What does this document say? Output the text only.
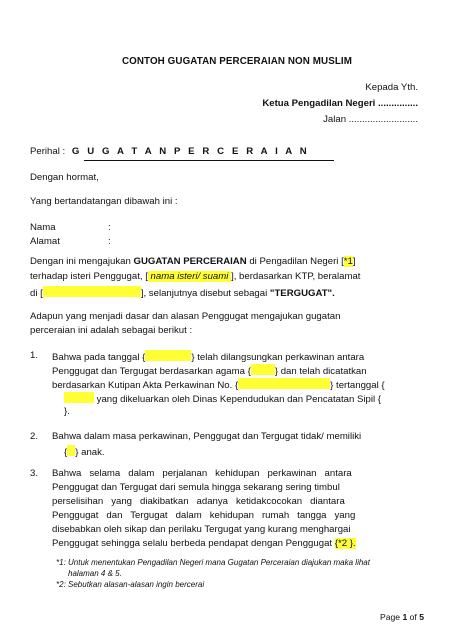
CONTOH GUGATAN PERCERAIAN NON MUSLIM
Kepada Yth.
Ketua Pengadilan Negeri ...............
Jalan ..........................
Perihal : G U G A T A N P E R C E R A I A N
Dengan hormat,
Yang bertandatangan dibawah ini :
Nama	:
Alamat	:
Dengan ini mengajukan GUGATAN PERCERAIAN di Pengadilan Negeri [*1]
terhadap isteri Penggugat, [ nama isteri/ suami ], berdasarkan KTP, beralamat
di [	], selanjutnya disebut sebagai "TERGUGAT".
Adapun yang menjadi dasar dan alasan Penggugat mengajukan gugatan
perceraian ini adalah sebagai berikut :
1. Bahwa pada tanggal {	} telah dilangsungkan perkawinan antara
Penggugat dan Tergugat berdasarkan agama {	} dan telah dicatatkan
berdasarkan Kutipan Akta Perkawinan No. {	} tertanggal {
yang dikeluarkan oleh Dinas Kependudukan dan Pencatatan Sipil {
}.
2. Bahwa dalam masa perkawinan, Penggugat dan Tergugat tidak/ memiliki
{ } anak.
3. Bahwa   selama   dalam   perjalanan   kehidupan   perkawinan   antara
Penggugat dan Tergugat dari semula hingga sekarang sering timbul
perselisihan   yang   diakibatkan   adanya   ketidakcocokan   diantara
Penggugat   dan   Tergugat   dalam   kehidupan   rumah   tangga   yang
disebabkan oleh sikap dan perilaku Tergugat yang kurang menghargai
Penggugat sehingga selalu berbeda pendapat dengan Penggugat {*2 }.
*1: Untuk menentukan Pengadilan Negeri mana Gugatan Perceraian diajukan maka lihat
halaman 4 & 5.
*2: Sebutkan alasan-alasan ingin bercerai
Page 1 of 5
